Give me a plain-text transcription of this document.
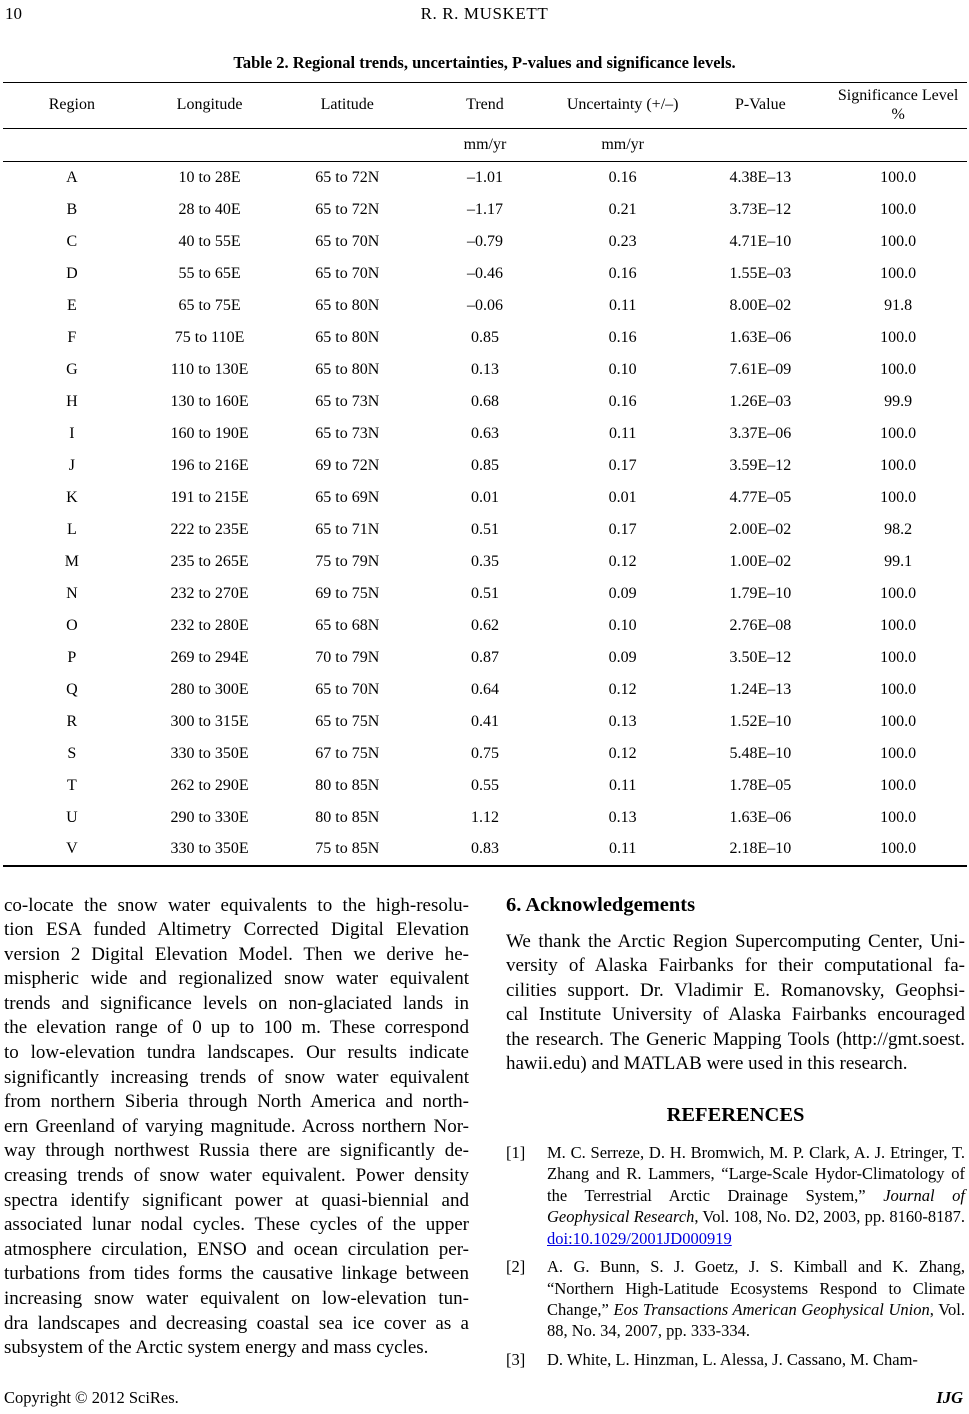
10	R. R. MUSKETT
Table 2. Regional trends, uncertainties, P-values and significance levels.
Region	Longitude	Latitude	Trend	Uncertainty (+/–)	P-Value	Significance Level %
			mm/yr	mm/yr		
A	10 to 28E	65 to 72N	–1.01	0.16	4.38E–13	100.0
B	28 to 40E	65 to 72N	–1.17	0.21	3.73E–12	100.0
C	40 to 55E	65 to 70N	–0.79	0.23	4.71E–10	100.0
D	55 to 65E	65 to 70N	–0.46	0.16	1.55E–03	100.0
E	65 to 75E	65 to 80N	–0.06	0.11	8.00E–02	91.8
F	75 to 110E	65 to 80N	0.85	0.16	1.63E–06	100.0
G	110 to 130E	65 to 80N	0.13	0.10	7.61E–09	100.0
H	130 to 160E	65 to 73N	0.68	0.16	1.26E–03	99.9
I	160 to 190E	65 to 73N	0.63	0.11	3.37E–06	100.0
J	196 to 216E	69 to 72N	0.85	0.17	3.59E–12	100.0
K	191 to 215E	65 to 69N	0.01	0.01	4.77E–05	100.0
L	222 to 235E	65 to 71N	0.51	0.17	2.00E–02	98.2
M	235 to 265E	75 to 79N	0.35	0.12	1.00E–02	99.1
N	232 to 270E	69 to 75N	0.51	0.09	1.79E–10	100.0
O	232 to 280E	65 to 68N	0.62	0.10	2.76E–08	100.0
P	269 to 294E	70 to 79N	0.87	0.09	3.50E–12	100.0
Q	280 to 300E	65 to 70N	0.64	0.12	1.24E–13	100.0
R	300 to 315E	65 to 75N	0.41	0.13	1.52E–10	100.0
S	330 to 350E	67 to 75N	0.75	0.12	5.48E–10	100.0
T	262 to 290E	80 to 85N	0.55	0.11	1.78E–05	100.0
U	290 to 330E	80 to 85N	1.12	0.13	1.63E–06	100.0
V	330 to 350E	75 to 85N	0.83	0.11	2.18E–10	100.0
co-locate the snow water equivalents to the high-resolu-
tion ESA funded Altimetry Corrected Digital Elevation
version 2 Digital Elevation Model. Then we derive he-
mispheric wide and regionalized snow water equivalent
trends and significance levels on non-glaciated lands in
the elevation range of 0 up to 100 m. These correspond
to low-elevation tundra landscapes. Our results indicate
significantly increasing trends of snow water equivalent
from northern Siberia through North America and north-
ern Greenland of varying magnitude. Across northern Nor-
way through northwest Russia there are significantly de-
creasing trends of snow water equivalent. Power density
spectra identify significant power at quasi-biennial and
associated lunar nodal cycles. These cycles of the upper
atmosphere circulation, ENSO and ocean circulation per-
turbations from tides forms the causative linkage between
increasing snow water equivalent on low-elevation tun-
dra landscapes and decreasing coastal sea ice cover as a
subsystem of the Arctic system energy and mass cycles.
6. Acknowledgements
We thank the Arctic Region Supercomputing Center, Uni-
versity of Alaska Fairbanks for their computational fa-
cilities support. Dr. Vladimir E. Romanovsky, Geophsi-
cal Institute University of Alaska Fairbanks encouraged
the research. The Generic Mapping Tools (http://gmt.soest.
hawii.edu) and MATLAB were used in this research.
REFERENCES
[1]	M. C. Serreze, D. H. Bromwich, M. P. Clark, A. J. Etringer, T. Zhang and R. Lammers, “Large-Scale Hydor-Climatology of the Terrestrial Arctic Drainage System,” Journal of Geophysical Research, Vol. 108, No. D2, 2003, pp. 8160-8187. doi:10.1029/2001JD000919
[2]	A. G. Bunn, S. J. Goetz, J. S. Kimball and K. Zhang, “Northern High-Latitude Ecosystems Respond to Climate Change,” Eos Transactions American Geophysical Union, Vol. 88, No. 34, 2007, pp. 333-334.
[3]	D. White, L. Hinzman, L. Alessa, J. Cassano, M. Cham-
Copyright © 2012 SciRes.	IJG
